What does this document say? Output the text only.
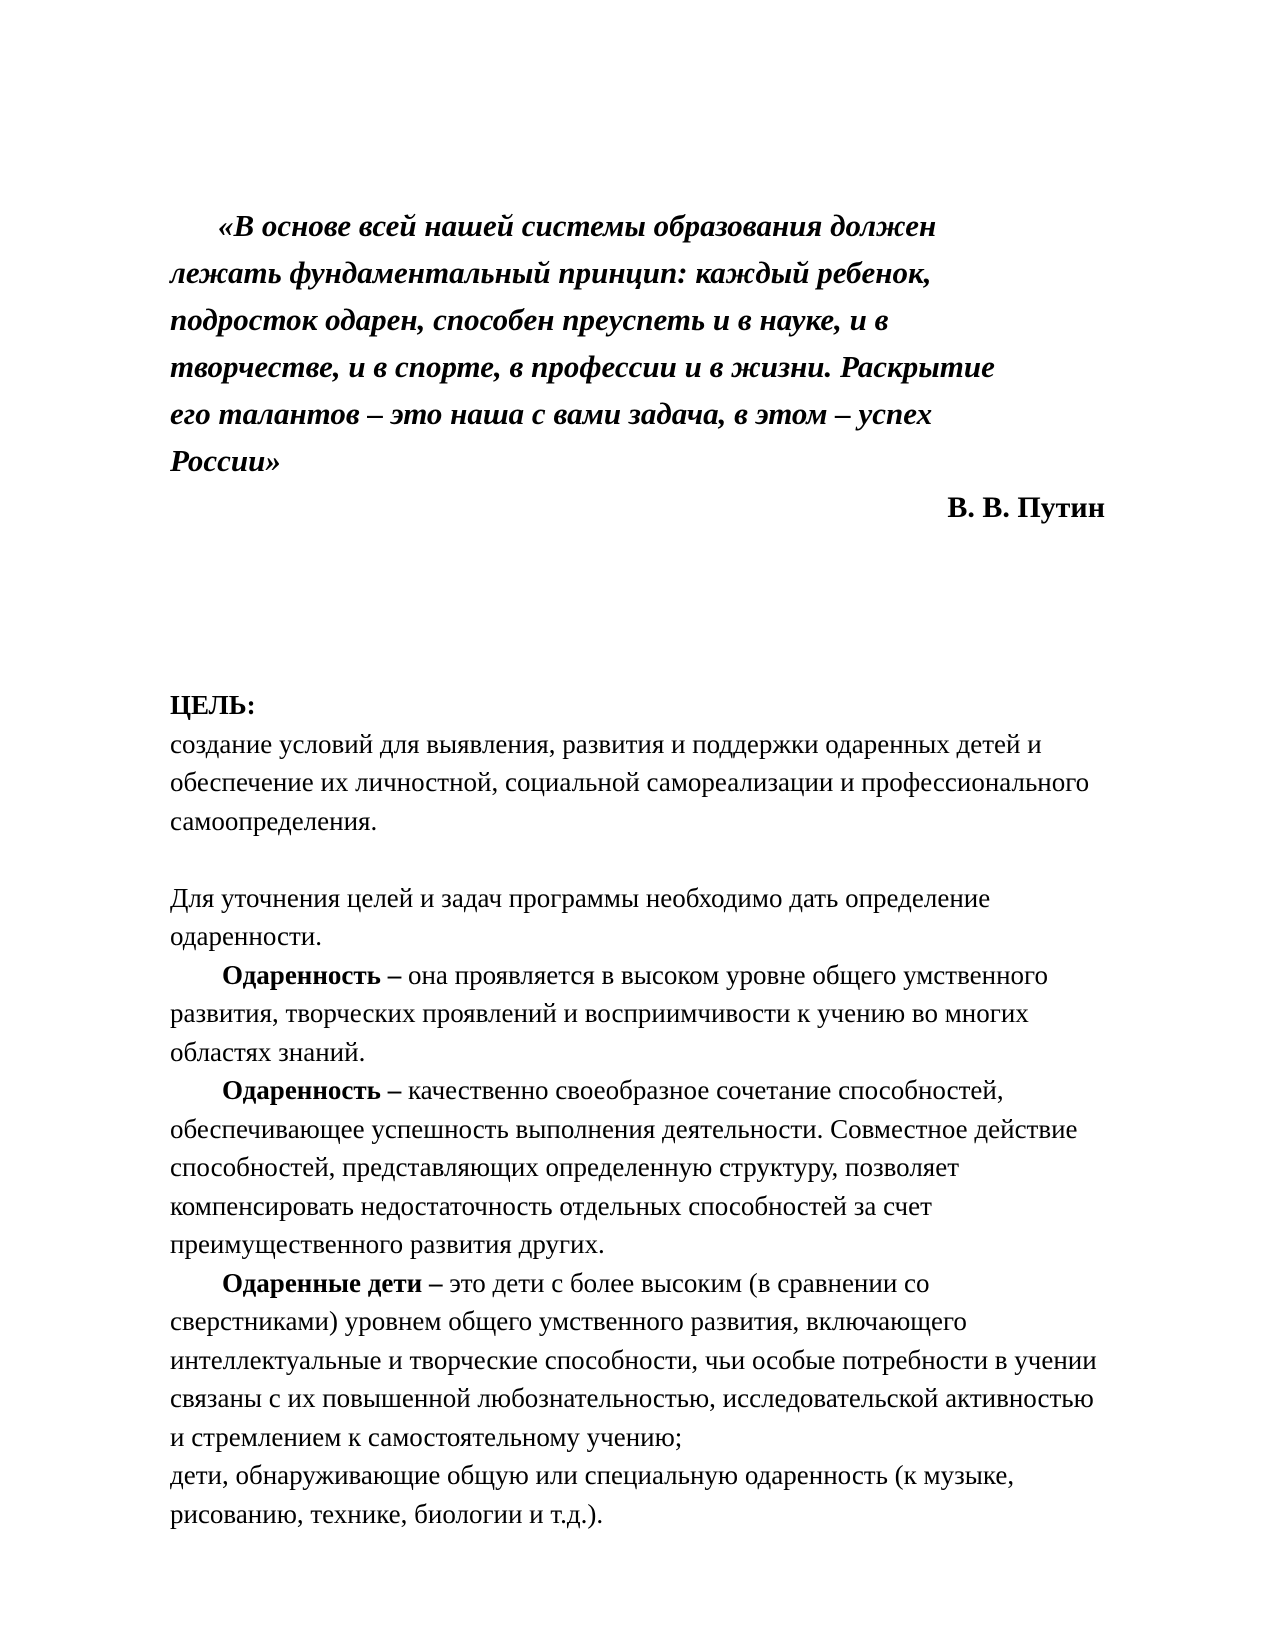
«В основе всей нашей системы образования должен
лежать фундаментальный принцип: каждый ребенок,
подросток одарен, способен преуспеть и в науке, и в
творчестве, и в спорте, в профессии и в жизни. Раскрытие
его талантов – это наша с вами задача, в этом – успех
России»
В. В. Путин
ЦЕЛЬ:
создание условий для выявления, развития и поддержки одаренных детей и
обеспечение их личностной, социальной самореализации и профессионального
самоопределения.
Для уточнения целей и задач программы необходимо дать определение
одаренности.
Одаренность – она проявляется в высоком уровне общего умственного
развития, творческих проявлений и восприимчивости к учению во многих
областях знаний.
Одаренность – качественно своеобразное сочетание способностей,
обеспечивающее успешность выполнения деятельности. Совместное действие
способностей, представляющих определенную структуру, позволяет
компенсировать недостаточность отдельных способностей за счет
преимущественного развития других.
Одаренные дети – это дети с более высоким (в сравнении со
сверстниками) уровнем общего умственного развития, включающего
интеллектуальные и творческие способности, чьи особые потребности в учении
связаны с их повышенной любознательностью, исследовательской активностью
и стремлением к самостоятельному учению;
дети, обнаруживающие общую или специальную одаренность (к музыке,
рисованию, технике, биологии и т.д.).
